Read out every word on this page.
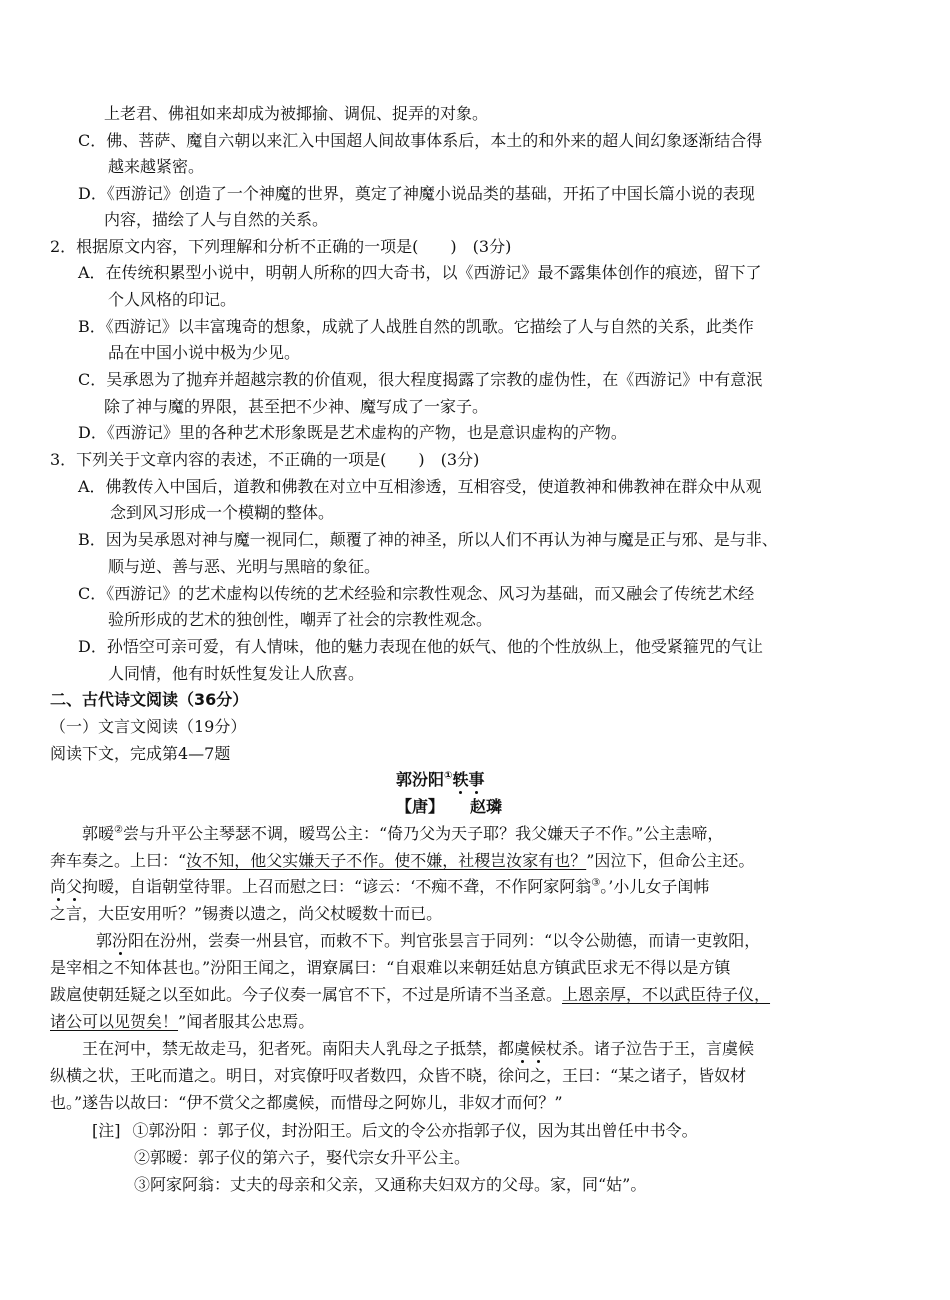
上老君、佛祖如来却成为被揶揄、调侃、捉弄的对象。
C．佛、菩萨、魔自六朝以来汇入中国超人间故事体系后，本土的和外来的超人间幻象逐渐结合得
越来越紧密。
D．《西游记》创造了一个神魔的世界，奠定了神魔小说品类的基础，开拓了中国长篇小说的表现
内容，描绘了人与自然的关系。
2．根据原文内容，下列理解和分析不正确的一项是(　　)　(3分)
A．在传统积累型小说中，明朝人所称的四大奇书，以《西游记》最不露集体创作的痕迹，留下了
个人风格的印记。
B．《西游记》以丰富瑰奇的想象，成就了人战胜自然的凯歌。它描绘了人与自然的关系，此类作
品在中国小说中极为少见。
C．吴承恩为了抛弃并超越宗教的价值观，很大程度揭露了宗教的虚伪性，在《西游记》中有意泯
除了神与魔的界限，甚至把不少神、魔写成了一家子。
D．《西游记》里的各种艺术形象既是艺术虚构的产物，也是意识虚构的产物。
3．下列关于文章内容的表述，不正确的一项是(　　)　(3分)
A．佛教传入中国后，道教和佛教在对立中互相渗透，互相容受，使道教神和佛教神在群众中从观
念到风习形成一个模糊的整体。
B．因为吴承恩对神与魔一视同仁，颠覆了神的神圣，所以人们不再认为神与魔是正与邪、是与非、
顺与逆、善与恶、光明与黑暗的象征。
C．《西游记》的艺术虚构以传统的艺术经验和宗教性观念、风习为基础，而又融会了传统艺术经
验所形成的艺术的独创性，嘲弄了社会的宗教性观念。
D．孙悟空可亲可爱，有人情味，他的魅力表现在他的妖气、他的个性放纵上，他受紧箍咒的气让
人同情，他有时妖性复发让人欣喜。
二、古代诗文阅读（36分）
（一）文言文阅读（19分）
阅读下文，完成第4—7题
郭汾阳①轶事
【唐】 赵璘
郭暧②尝与升平公主琴瑟不调，暧骂公主：“倚乃父为天子耶？我父嫌天子不作。”公主恚啼，
奔车奏之。上曰：“汝不知，他父实嫌天子不作。使不嫌，社稷岂汝家有也？”因泣下，但命公主还。
尚父拘暧，自诣朝堂待罪。上召而慰之曰：“谚云：‘不痴不聋，不作阿家阿翁③。’小儿女子闺帏
之言，大臣安用听？”锡赉以遗之，尚父杖暧数十而已。
郭汾阳在汾州，尝奏一州县官，而敕不下。判官张昙言于同列：“以令公勋德，而请一吏敦阳，
是宰相之不知体甚也。”汾阳王闻之，谓寮属曰：“自艰难以来朝廷姑息方镇武臣求无不得以是方镇
跋扈使朝廷疑之以至如此。今子仪奏一属官不下，不过是所请不当圣意。上恩亲厚，不以武臣待子仪，
诸公可以见贺矣！”闻者服其公忠焉。
王在河中，禁无故走马，犯者死。南阳夫人乳母之子抵禁，都虞候杖杀。诸子泣告于王，言虞候
纵横之状，王叱而遣之。明日，对宾僚吁叹者数四，众皆不晓，徐问之，王曰：“某之诸子，皆奴材
也。”遂告以故曰：“伊不赏父之都虞候，而惜母之阿妳儿，非奴才而何？”
[注] ①郭汾阳 ：郭子仪，封汾阳王。后文的令公亦指郭子仪，因为其出曾任中书令。
②郭暧：郭子仪的第六子，娶代宗女升平公主。
③阿家阿翁：丈夫的母亲和父亲，又通称夫妇双方的父母。家，同“姑”。
